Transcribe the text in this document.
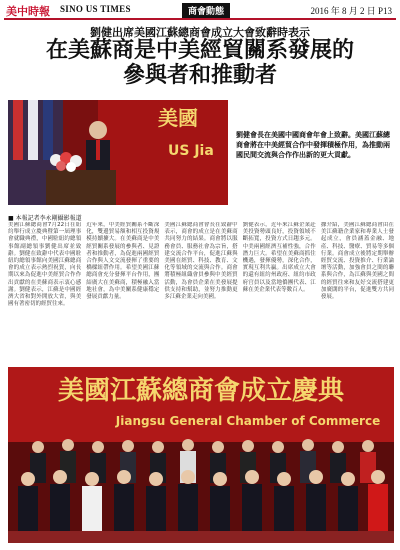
美中時報 SINO US TIMES	商會動態	2016 年 8 月 2 日 P13
劉健出席美國江蘇總商會成立大會致辭時表示
在美蘇商是中美經貿關系發展的
參與者和推動者
美國
US Jia
劉健會長在美國中國商會年會上致辭。美國江蘇總商會將在中美經貿合作中發揮積極作用，為推動兩國民間交流與合作作出新的更大貢獻。
■ 本報記者李永剛攝影報道
美國江蘇總商會7月22日在紐約舉行成立慶典暨第一屆理事會就職典禮，中國駐紐約總領事館副總領事劉健出席並致辭。劉健在致辭中代表中國駐紐約總領事館向美國江蘇總商會的成立表示熱烈祝賀，向長期以來為促進中美經貿合作作出貢獻的在美蘇商表示衷心感謝。劉健表示，江蘇是中國經濟大省和對外開放大省，與美國有著密切的經貿往來。
近年來，中美經貿關系不斷深化，雙邊貿易額和相互投資規模持續擴大。在美蘇商是中美經貿關系發展的參與者、見證者和推動者，為促進兩國經貿合作與人文交流發揮了重要的橋樑紐帶作用。希望美國江蘇總商會充分發揮平台作用，團結廣大在美蘇商，積極融入當地社會，為中美關系健康穩定發展貢獻力量。
美國江蘇總商會會長在致辭中表示，商會的成立是在美蘇商共同努力的結果。商會將以服務會員、服務社會為宗旨，搭建交流合作平台，促進江蘇與美國在經貿、科技、教育、文化等領域的交流與合作。商會將積極組織會員參與中美經貿活動，為會員企業在美發展提供支持和幫助，並努力推動更多江蘇企業走向美國。
劉健表示，近年來江蘇企業赴美投資勢頭良好，投資領域不斷拓寬，投資方式日趨多元。中美兩國經濟互補性強，合作潛力巨大。希望在美蘇商抓住機遇，發揮優勢，深化合作，實現互利共贏。出席成立大會的還有紐約州政府、紐約市政府官員以及當地僑團代表、江蘇在美企業代表等數百人。
據介紹，美國江蘇總商會由在美江蘇籍企業家和專業人士發起成立，會員涵蓋金融、地產、科技、醫療、貿易等多個行業。商會成立後將定期舉辦經貿交流、投資推介、行業論壇等活動，加強會員之間的聯系與合作，為江蘇與美國之間的經貿往來和友好交流搭建更加廣闊的平台，促進雙方共同發展。
美國江蘇總商會成立慶典
Jiangsu General Chamber of Commerce
